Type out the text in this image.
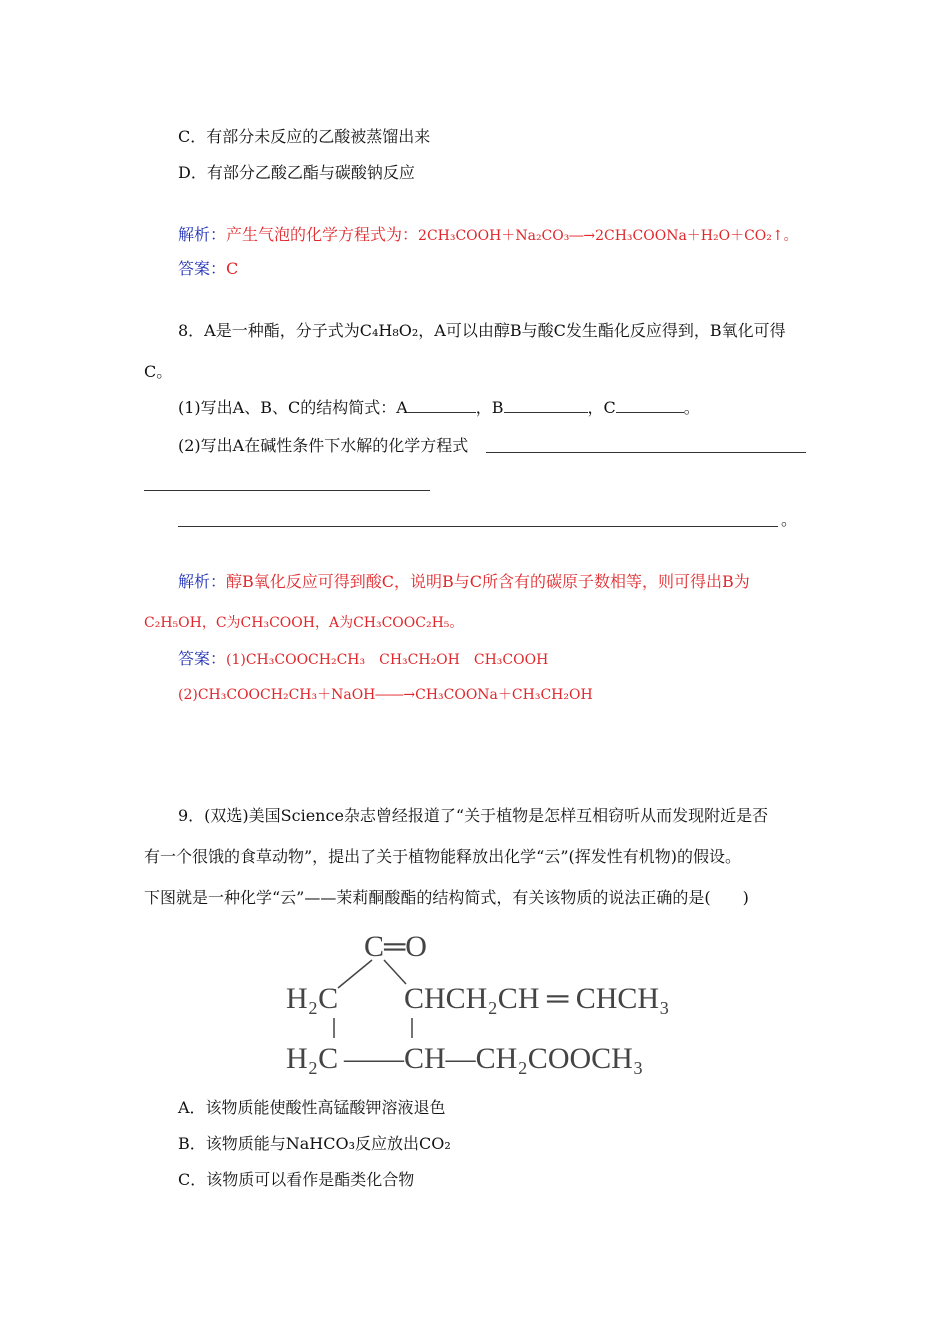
C．有部分未反应的乙酸被蒸馏出来
D．有部分乙酸乙酯与碳酸钠反应
解析：产生气泡的化学方程式为：2CH₃COOH＋Na₂CO₃―→2CH₃COONa＋H₂O＋CO₂↑。
答案：C
8．A是一种酯，分子式为C₄H₈O₂，A可以由醇B与酸C发生酯化反应得到，B氧化可得
C。
(1)写出A、B、C的结构简式：A	，B	，C	。
(2)写出A在碱性条件下水解的化学方程式
。
解析：醇B氧化反应可得到酸C，说明B与C所含有的碳原子数相等，则可得出B为
C₂H₅OH，C为CH₃COOH，A为CH₃COOC₂H₅。
答案：(1)CH₃COOCH₂CH₃　CH₃CH₂OH　CH₃COOH
(2)CH₃COOCH₂CH₃＋NaOH――→CH₃COONa＋CH₃CH₂OH
9．(双选)美国Science杂志曾经报道了“关于植物是怎样互相窃听从而发现附近是否
有一个很饿的食草动物”，提出了关于植物能释放出化学“云”(挥发性有机物)的假设。
下图就是一种化学“云”——茉莉酮酸酯的结构简式，有关该物质的说法正确的是(　　)
C═O
H₂C CHCH₂CH ═ CHCH₃
H₂C —— CH—CH₂COOCH₃
A．该物质能使酸性高锰酸钾溶液退色
B．该物质能与NaHCO₃反应放出CO₂
C．该物质可以看作是酯类化合物
